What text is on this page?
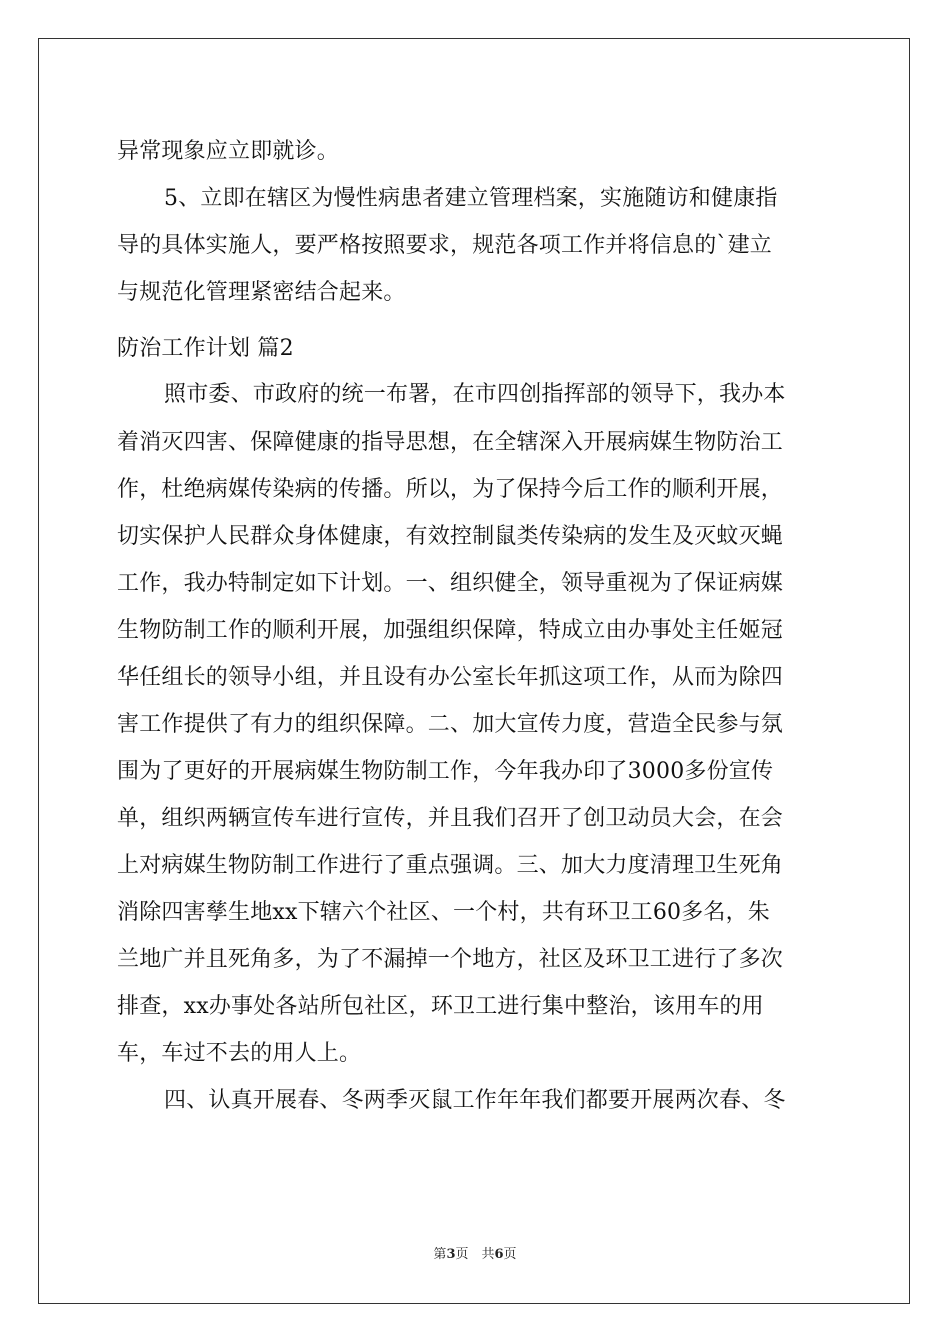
异常现象应立即就诊。
5、立即在辖区为慢性病患者建立管理档案，实施随访和健康指
导的具体实施人，要严格按照要求，规范各项工作并将信息的`建立
与规范化管理紧密结合起来。
防治工作计划 篇2
照市委、市政府的统一布署，在市四创指挥部的领导下，我办本
着消灭四害、保障健康的指导思想，在全辖深入开展病媒生物防治工
作，杜绝病媒传染病的传播。所以，为了保持今后工作的顺利开展，
切实保护人民群众身体健康，有效控制鼠类传染病的发生及灭蚊灭蝇
工作，我办特制定如下计划。一、组织健全，领导重视为了保证病媒
生物防制工作的顺利开展，加强组织保障，特成立由办事处主任姬冠
华任组长的领导小组，并且设有办公室长年抓这项工作，从而为除四
害工作提供了有力的组织保障。二、加大宣传力度，营造全民参与氛
围为了更好的开展病媒生物防制工作，今年我办印了3000多份宣传
单，组织两辆宣传车进行宣传，并且我们召开了创卫动员大会，在会
上对病媒生物防制工作进行了重点强调。三、加大力度清理卫生死角
消除四害孳生地xx下辖六个社区、一个村，共有环卫工60多名，朱
兰地广并且死角多，为了不漏掉一个地方，社区及环卫工进行了多次
排查，xx办事处各站所包社区，环卫工进行集中整治，该用车的用
车，车过不去的用人上。
四、认真开展春、冬两季灭鼠工作年年我们都要开展两次春、冬
第3页　共6页
